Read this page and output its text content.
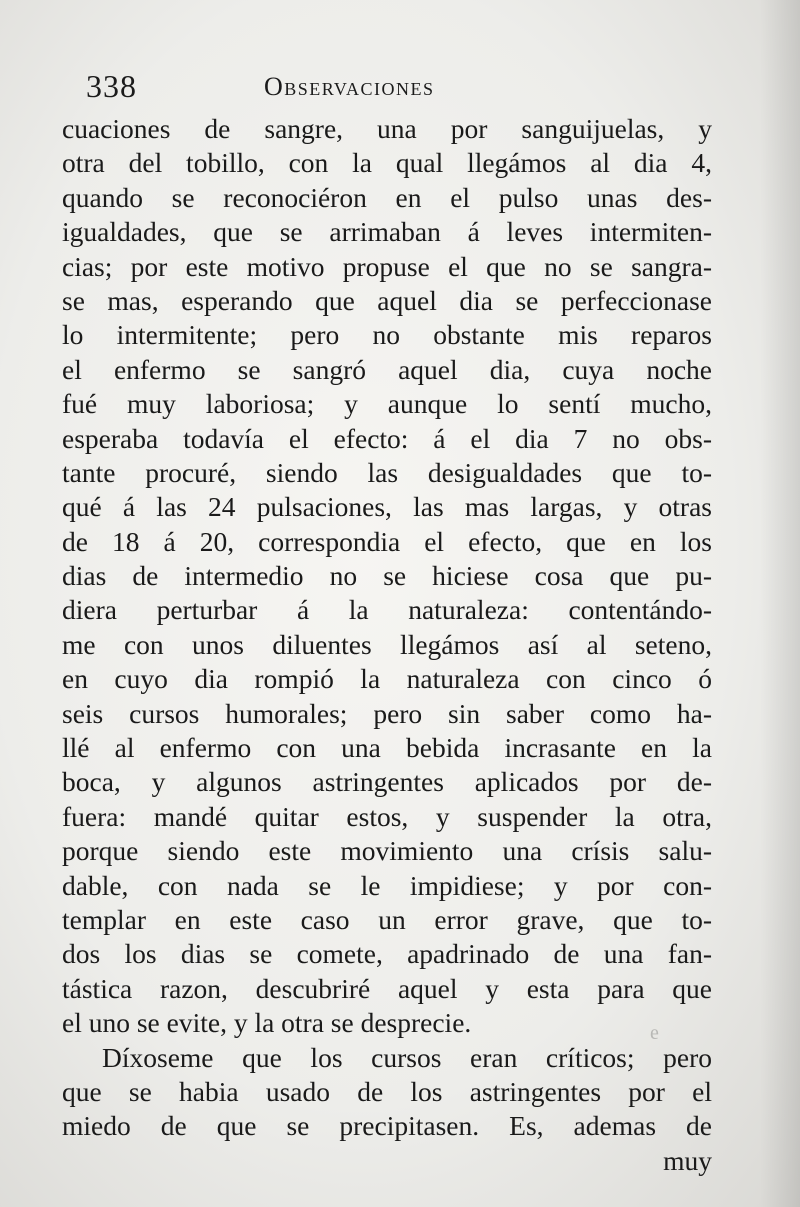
338	Observaciones
cuaciones de sangre, una por sanguijuelas, y
otra del tobillo, con la qual llegámos al dia 4,
quando se reconociéron en el pulso unas des-
igualdades, que se arrimaban á leves intermiten-
cias; por este motivo propuse el que no se sangra-
se mas, esperando que aquel dia se perfeccionase
lo intermitente; pero no obstante mis reparos
el enfermo se sangró aquel dia, cuya noche
fué muy laboriosa; y aunque lo sentí mucho,
esperaba todavía el efecto: á el dia 7 no obs-
tante procuré, siendo las desigualdades que to-
qué á las 24 pulsaciones, las mas largas, y otras
de 18 á 20, correspondia el efecto, que en los
dias de intermedio no se hiciese cosa que pu-
diera perturbar á la naturaleza: contentándo-
me con unos diluentes llegámos así al seteno,
en cuyo dia rompió la naturaleza con cinco ó
seis cursos humorales; pero sin saber como ha-
llé al enfermo con una bebida incrasante en la
boca, y algunos astringentes aplicados por de-
fuera: mandé quitar estos, y suspender la otra,
porque siendo este movimiento una crísis salu-
dable, con nada se le impidiese; y por con-
templar en este caso un error grave, que to-
dos los dias se comete, apadrinado de una fan-
tástica razon, descubriré aquel y esta para que
el uno se evite, y la otra se desprecie.
Díxoseme que los cursos eran críticos; pero
que se habia usado de los astringentes por el
miedo de que se precipitasen. Es, ademas de
muy
ɘ
